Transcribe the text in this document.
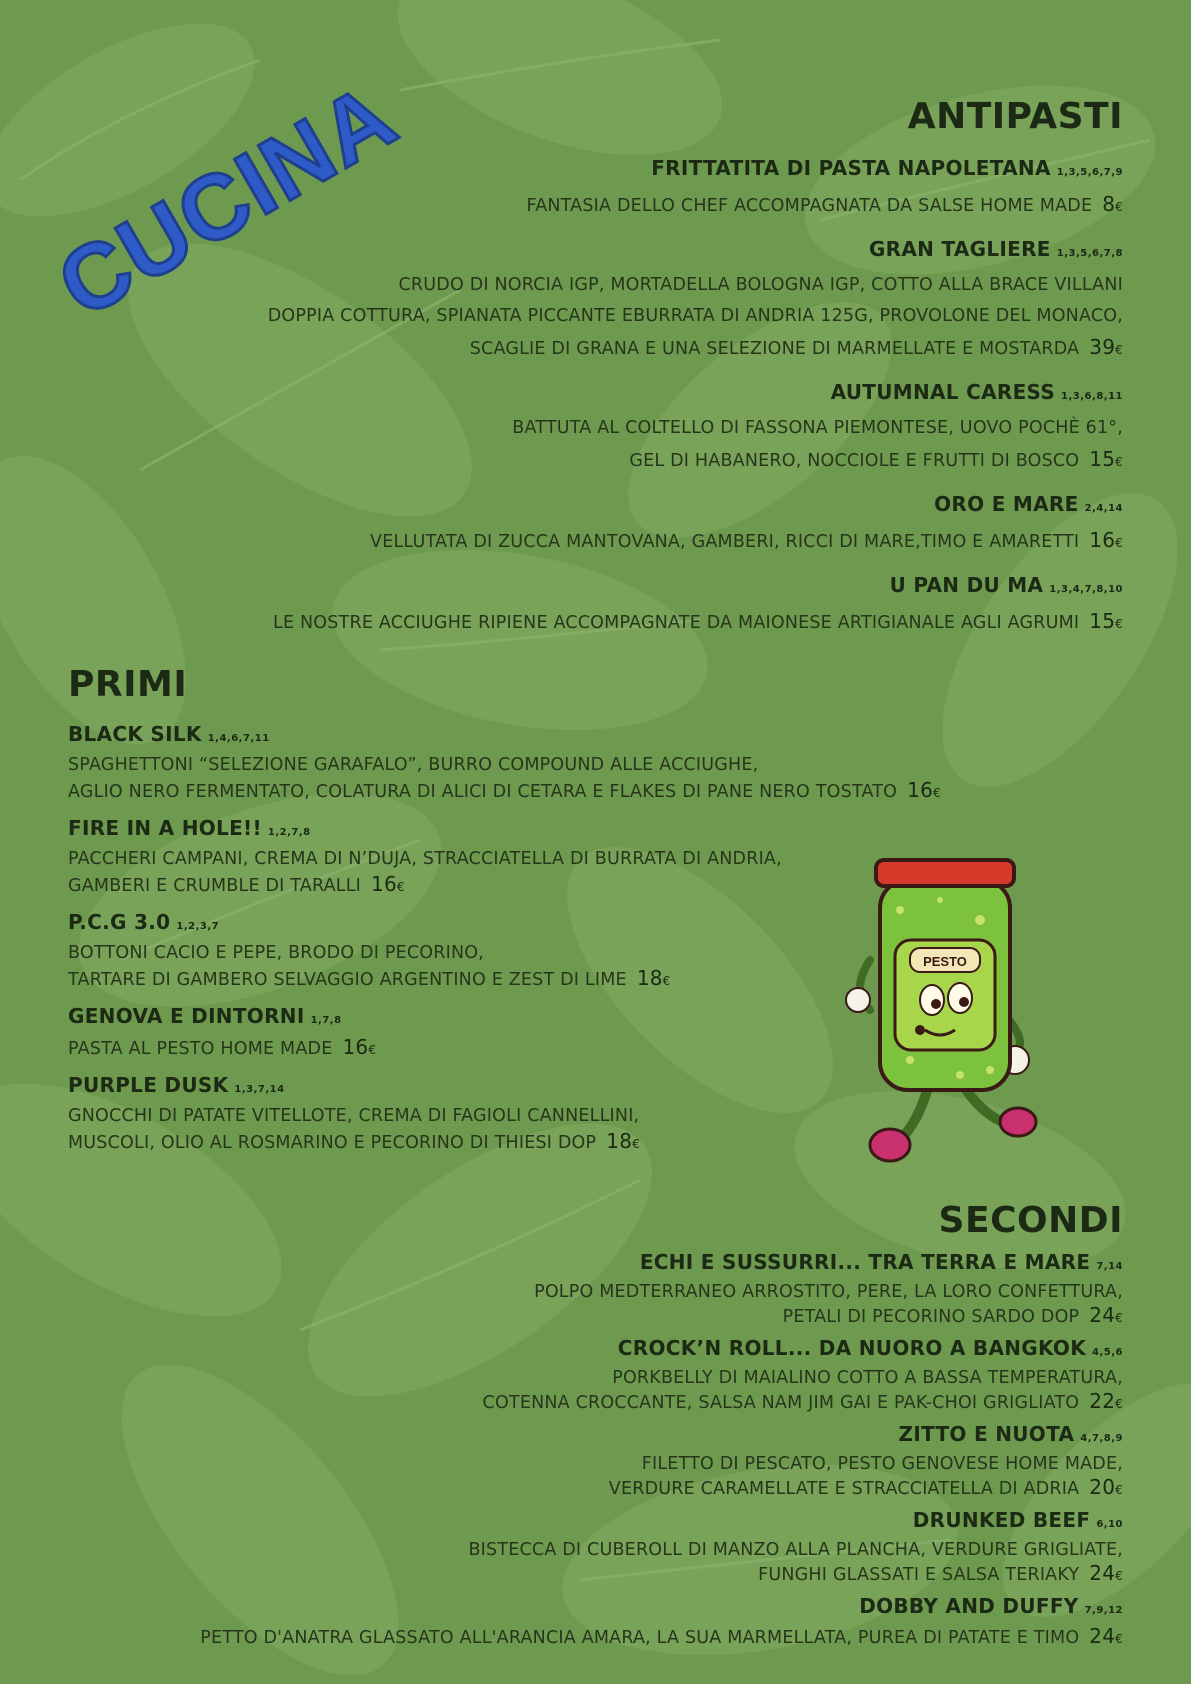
CUCINA	ANTIPASTI
FRITTATITA DI PASTA NAPOLETANA 1,3,5,6,7,9
FANTASIA DELLO CHEF ACCOMPAGNATA DA SALSE HOME MADE 8€
GRAN TAGLIERE 1,3,5,6,7,8
CRUDO DI NORCIA IGP, MORTADELLA BOLOGNA IGP, COTTO ALLA BRACE VILLANI
DOPPIA COTTURA, SPIANATA PICCANTE EBURRATA DI ANDRIA 125G, PROVOLONE DEL MONACO,
SCAGLIE DI GRANA E UNA SELEZIONE DI MARMELLATE E MOSTARDA 39€
AUTUMNAL CARESS 1,3,6,8,11
BATTUTA AL COLTELLO DI FASSONA PIEMONTESE, UOVO POCHÈ 61°,
GEL DI HABANERO, NOCCIOLE E FRUTTI DI BOSCO 15€
ORO E MARE 2,4,14
VELLUTATA DI ZUCCA MANTOVANA, GAMBERI, RICCI DI MARE,TIMO E AMARETTI 16€
U PAN DU MA 1,3,4,7,8,10
LE NOSTRE ACCIUGHE RIPIENE ACCOMPAGNATE DA MAIONESE ARTIGIANALE AGLI AGRUMI 15€
PRIMI
BLACK SILK 1,4,6,7,11
SPAGHETTONI “SELEZIONE GARAFALO”, BURRO COMPOUND ALLE ACCIUGHE,
AGLIO NERO FERMENTATO, COLATURA DI ALICI DI CETARA E FLAKES DI PANE NERO TOSTATO 16€
FIRE IN A HOLE!! 1,2,7,8
PACCHERI CAMPANI, CREMA DI N’DUJA, STRACCIATELLA DI BURRATA DI ANDRIA,
GAMBERI E CRUMBLE DI TARALLI 16€
P.C.G 3.0 1,2,3,7
BOTTONI CACIO E PEPE, BRODO DI PECORINO,
TARTARE DI GAMBERO SELVAGGIO ARGENTINO E ZEST DI LIME 18€
GENOVA E DINTORNI 1,7,8
PASTA AL PESTO HOME MADE 16€
PURPLE DUSK 1,3,7,14
GNOCCHI DI PATATE VITELLOTE, CREMA DI FAGIOLI CANNELLINI,
MUSCOLI, OLIO AL ROSMARINO E PECORINO DI THIESI DOP 18€
PESTO
SECONDI
ECHI E SUSSURRI... TRA TERRA E MARE 7,14
POLPO MEDTERRANEO ARROSTITO, PERE, LA LORO CONFETTURA,
PETALI DI PECORINO SARDO DOP 24€
CROCK’N ROLL... DA NUORO A BANGKOK 4,5,6
PORKBELLY DI MAIALINO COTTO A BASSA TEMPERATURA,
COTENNA CROCCANTE, SALSA NAM JIM GAI E PAK-CHOI GRIGLIATO 22€
ZITTO E NUOTA 4,7,8,9
FILETTO DI PESCATO, PESTO GENOVESE HOME MADE,
VERDURE CARAMELLATE E STRACCIATELLA DI ADRIA 20€
DRUNKED BEEF 6,10
BISTECCA DI CUBEROLL DI MANZO ALLA PLANCHA, VERDURE GRIGLIATE,
FUNGHI GLASSATI E SALSA TERIAKY 24€
DOBBY AND DUFFY 7,9,12
PETTO D'ANATRA GLASSATO ALL'ARANCIA AMARA, LA SUA MARMELLATA, PUREA DI PATATE E TIMO 24€
